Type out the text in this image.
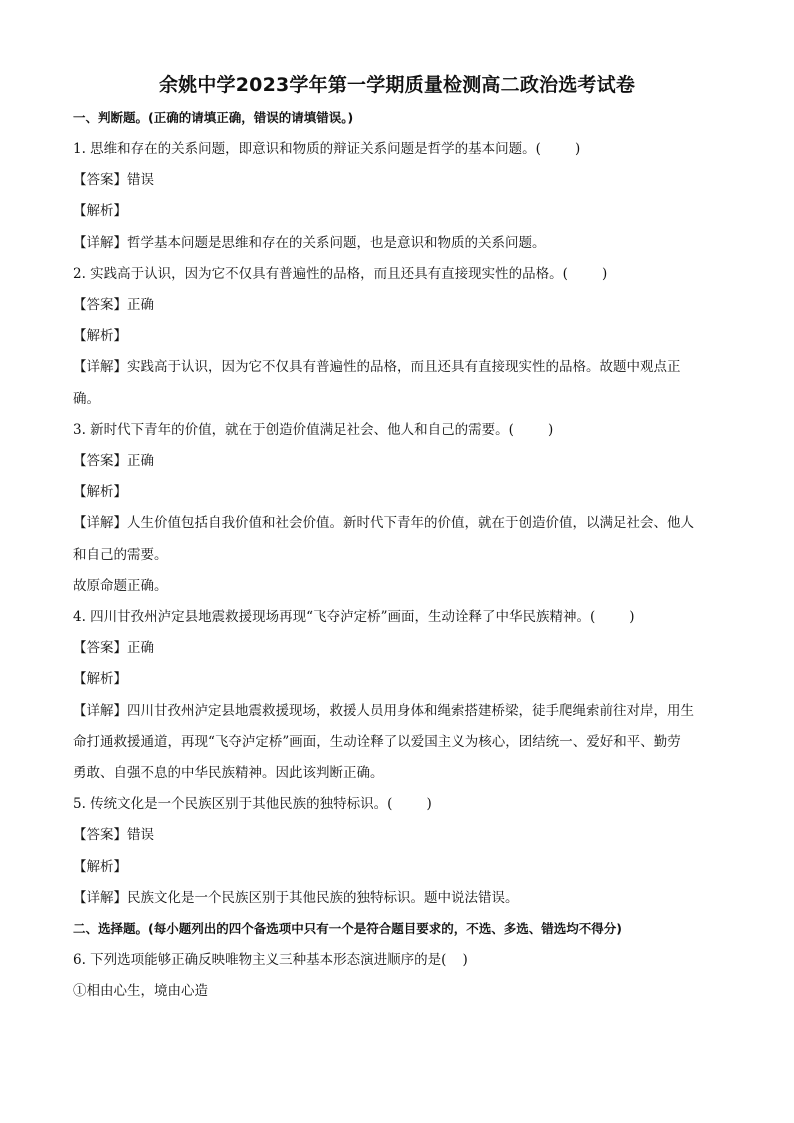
余姚中学2023学年第一学期质量检测高二政治选考试卷
一、判断题。(正确的请填正确，错误的请填错误。)
1. 思维和存在的关系问题，即意识和物质的辩证关系问题是哲学的基本问题。(	)
【答案】错误
【解析】
【详解】哲学基本问题是思维和存在的关系问题，也是意识和物质的关系问题。
2. 实践高于认识，因为它不仅具有普遍性的品格，而且还具有直接现实性的品格。(	)
【答案】正确
【解析】
【详解】实践高于认识，因为它不仅具有普遍性的品格，而且还具有直接现实性的品格。故题中观点正
确。
3. 新时代下青年的价值，就在于创造价值满足社会、他人和自己的需要。(	)
【答案】正确
【解析】
【详解】人生价值包括自我价值和社会价值。新时代下青年的价值，就在于创造价值，以满足社会、他人
和自己的需要。
故原命题正确。
4. 四川甘孜州泸定县地震救援现场再现“飞夺泸定桥”画面，生动诠释了中华民族精神。(	)
【答案】正确
【解析】
【详解】四川甘孜州泸定县地震救援现场，救援人员用身体和绳索搭建桥梁，徒手爬绳索前往对岸，用生
命打通救援通道，再现“飞夺泸定桥”画面，生动诠释了以爱国主义为核心，团结统一、爱好和平、勤劳
勇敢、自强不息的中华民族精神。因此该判断正确。
5. 传统文化是一个民族区别于其他民族的独特标识。(	)
【答案】错误
【解析】
【详解】民族文化是一个民族区别于其他民族的独特标识。题中说法错误。
二、选择题。(每小题列出的四个备选项中只有一个是符合题目要求的，不选、多选、错选均不得分)
6. 下列选项能够正确反映唯物主义三种基本形态演进顺序的是( )
①相由心生，境由心造
